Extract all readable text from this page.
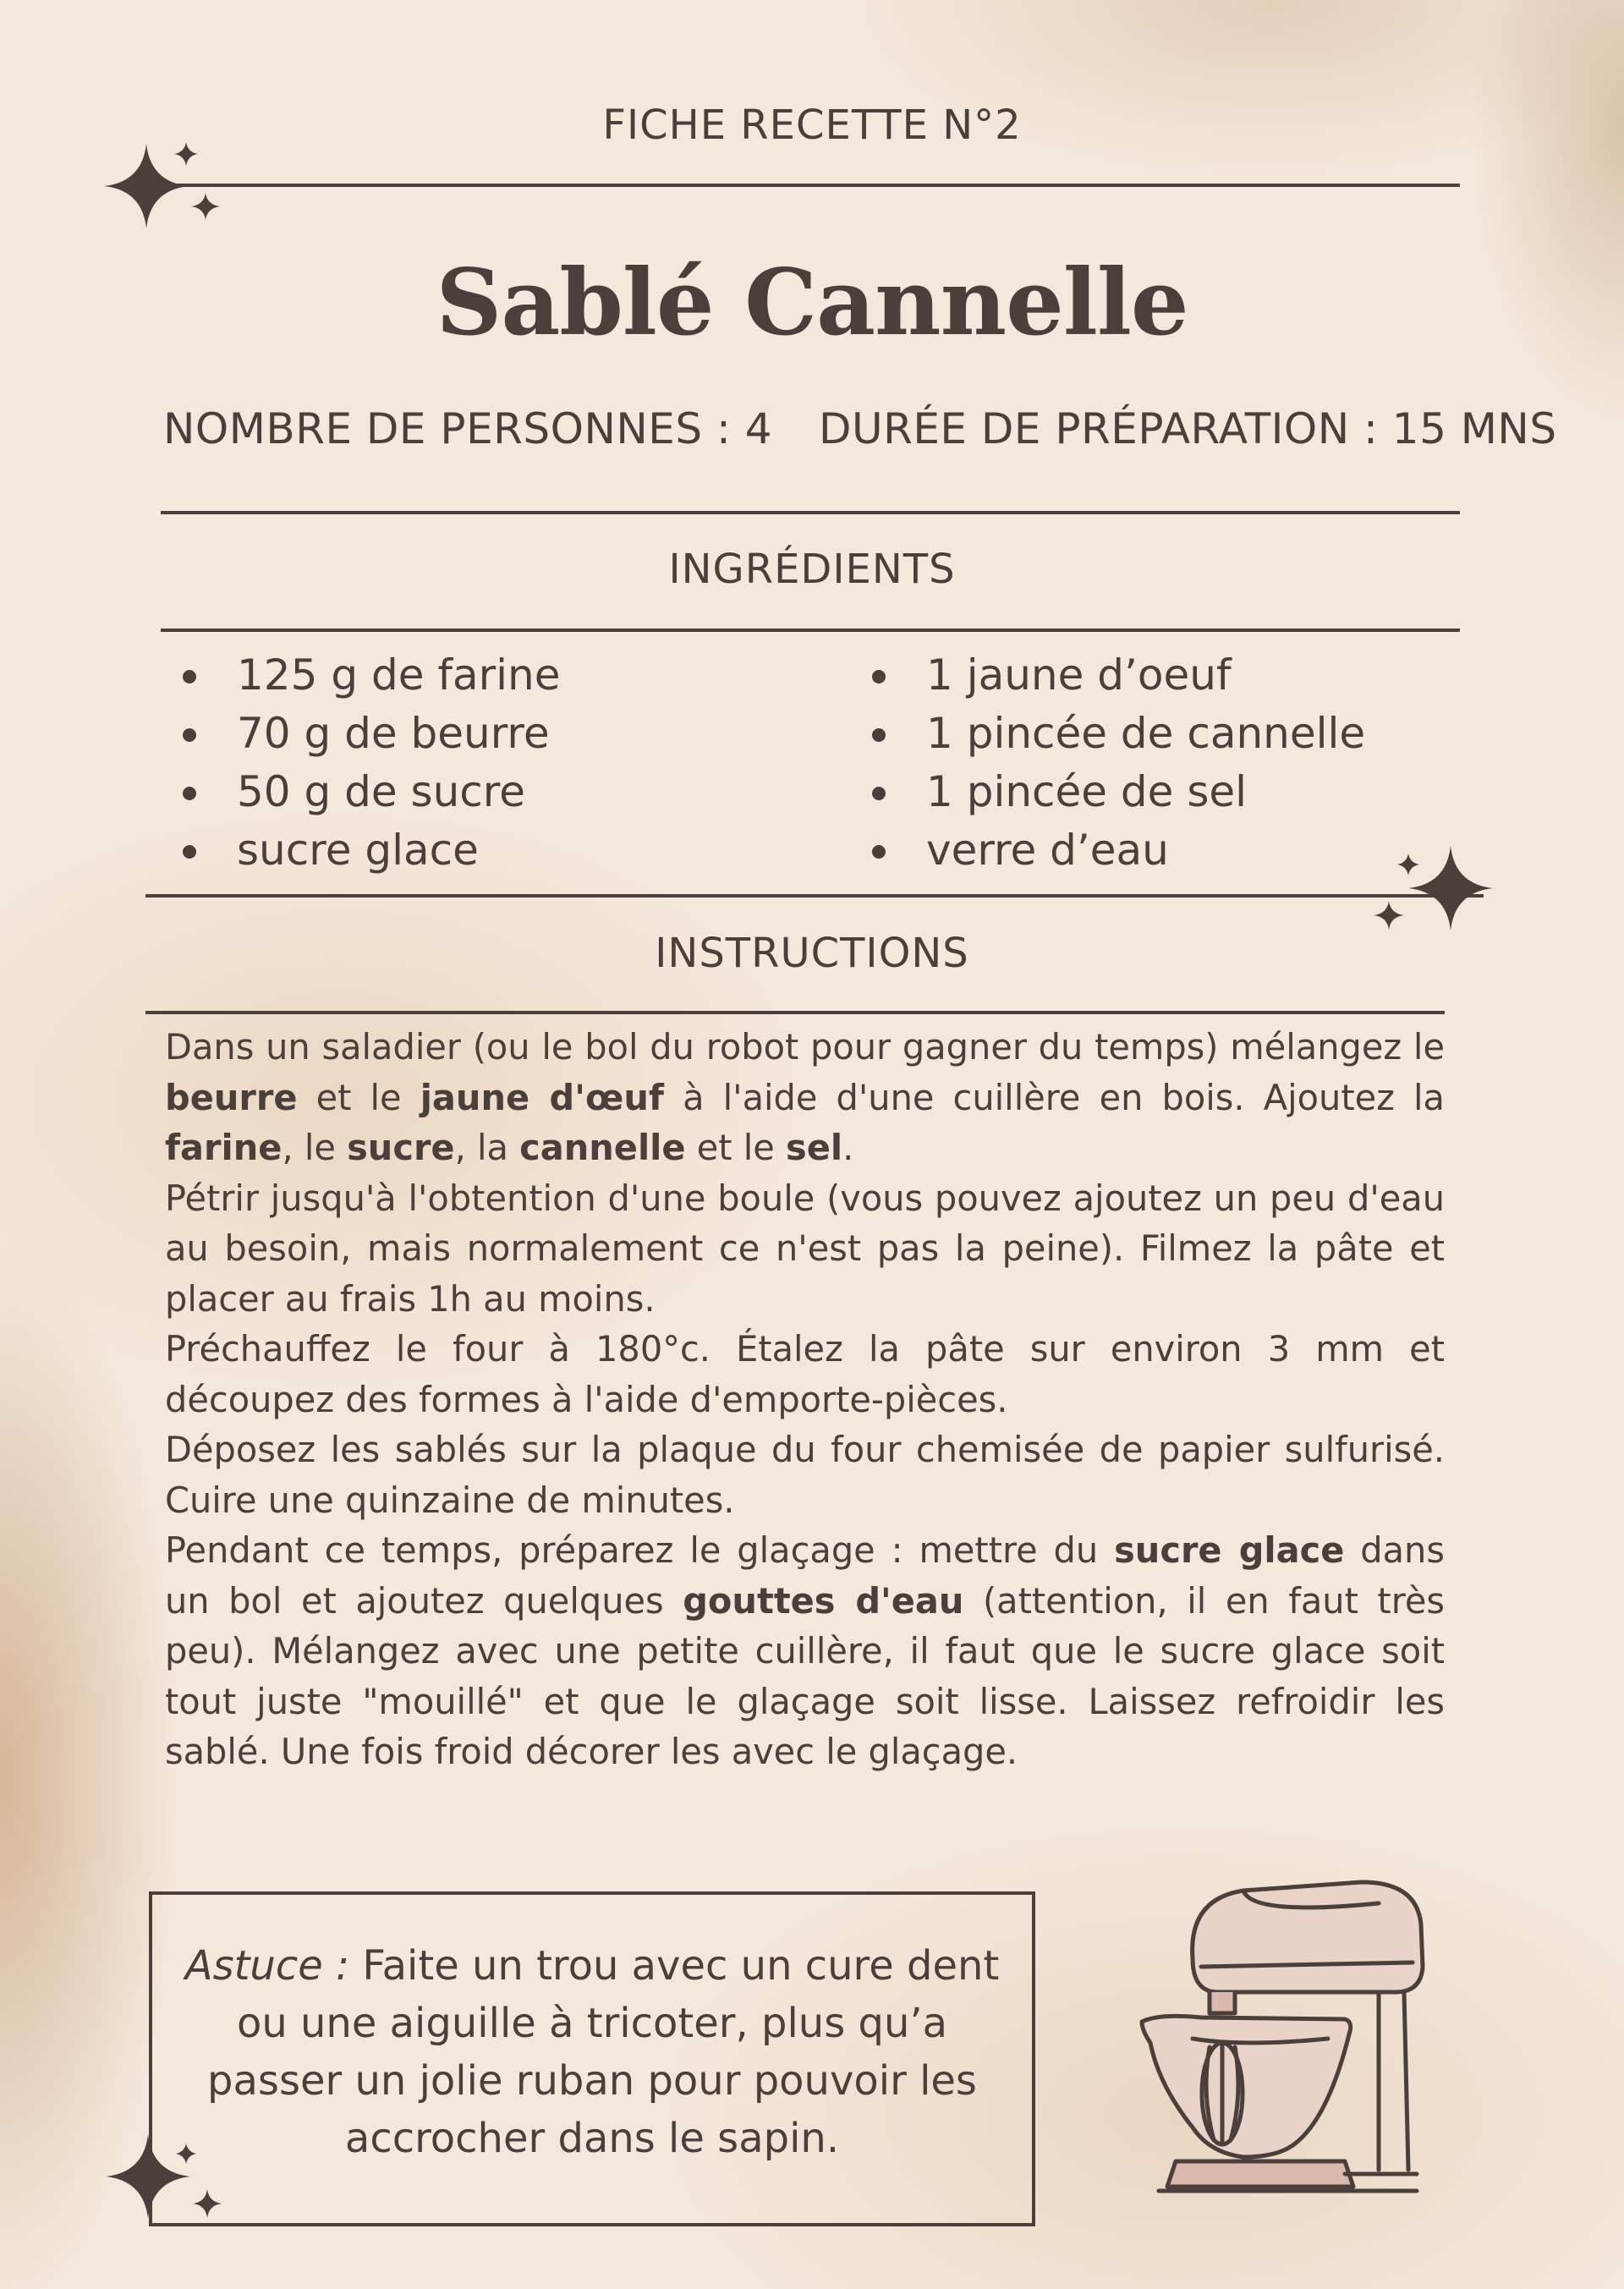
FICHE RECETTE N°2
Sablé Cannelle
NOMBRE DE PERSONNES : 4 DURÉE DE PRÉPARATION : 15 MNS
INGRÉDIENTS
125 g de farine
70 g de beurre
50 g de sucre
sucre glace
1 jaune d’oeuf
1 pincée de cannelle
1 pincée de sel
verre d’eau
INSTRUCTIONS

Dans un saladier (ou le bol du robot pour gagner du temps) mélangez le beurre et le jaune d'œuf à l'aide d'une cuillère en bois. Ajoutez la farine, le sucre, la cannelle et le sel.

Pétrir jusqu'à l'obtention d'une boule (vous pouvez ajoutez un peu d'eau au besoin, mais normalement ce n'est pas la peine). Filmez la pâte et placer au frais 1h au moins.

Préchauffez le four à 180°c. Étalez la pâte sur environ 3 mm et découpez des formes à l'aide d'emporte-pièces.

Déposez les sablés sur la plaque du four chemisée de papier sulfurisé. Cuire une quinzaine de minutes.

Pendant ce temps, préparez le glaçage : mettre du sucre glace dans un bol et ajoutez quelques gouttes d'eau (attention, il en faut très peu). Mélangez avec une petite cuillère, il faut que le sucre glace soit tout juste "mouillé" et que le glaçage soit lisse. Laissez refroidir les sablé. Une fois froid décorer les avec le glaçage.

Astuce : Faite un trou avec un cure dent ou une aiguille à tricoter, plus qu’a passer un jolie ruban pour pouvoir les accrocher dans le sapin.
